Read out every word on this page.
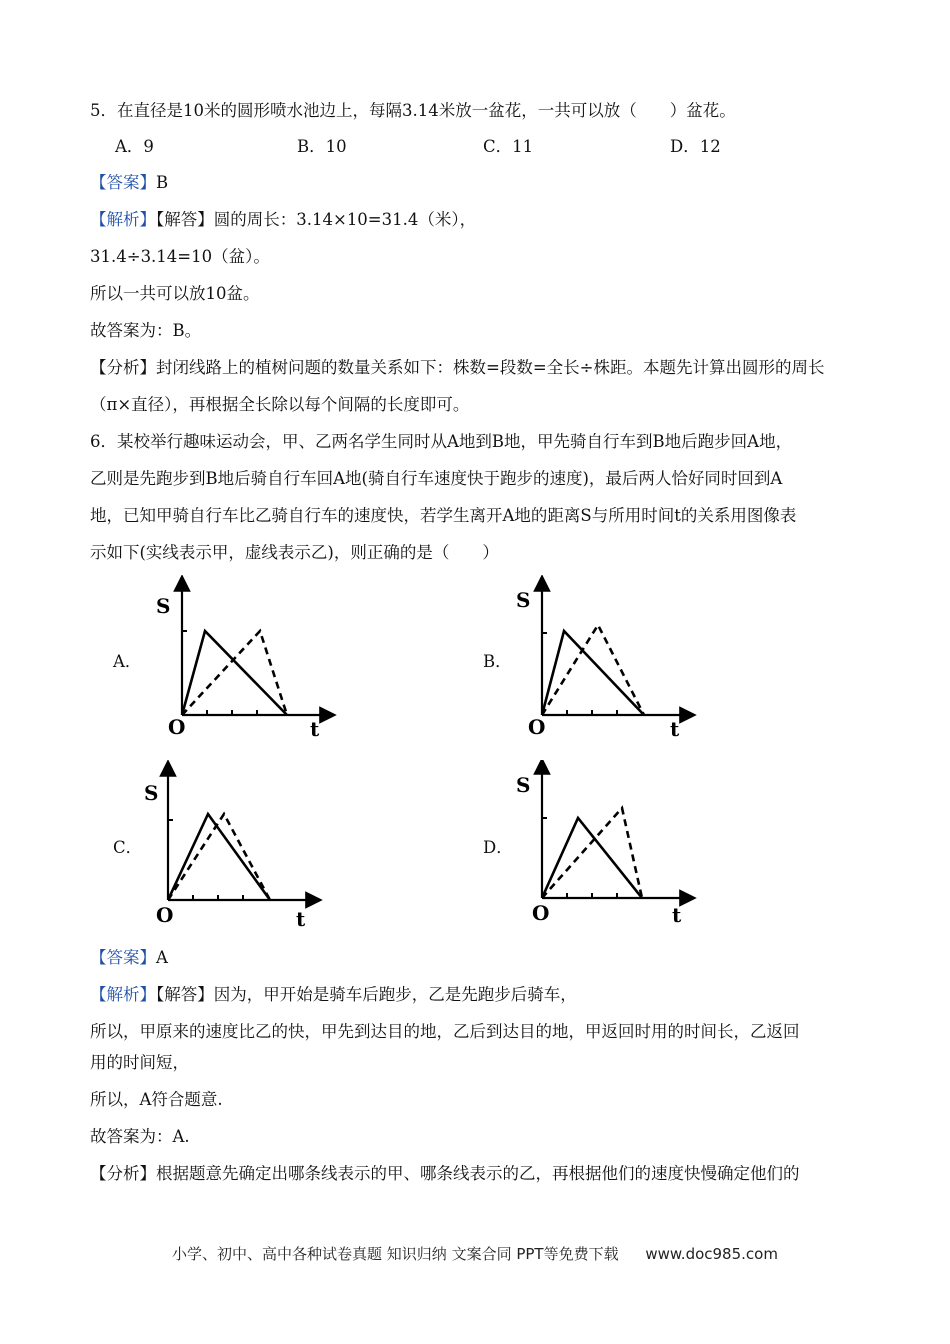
5．在直径是10米的圆形喷水池边上，每隔3.14米放一盆花，一共可以放（　　）盆花。
A．9	B．10	C．11	D．12
【答案】B
【解析】【解答】圆的周长：3.14×10=31.4（米），
31.4÷3.14=10（盆）。
所以一共可以放10盆。
故答案为：B。
【分析】封闭线路上的植树问题的数量关系如下：株数=段数=全长÷株距。本题先计算出圆形的周长
（π×直径），再根据全长除以每个间隔的长度即可。
6．某校举行趣味运动会，甲、乙两名学生同时从A地到B地，甲先骑自行车到B地后跑步回A地，
乙则是先跑步到B地后骑自行车回A地(骑自行车速度快于跑步的速度)，最后两人恰好同时回到A
地，已知甲骑自行车比乙骑自行车的速度快，若学生离开A地的距离S与所用时间t的关系用图像表
示如下(实线表示甲，虚线表示乙)，则正确的是（　　）
A．	B．
C．	D．
S
O	t
S
O	t
S
O	t
S
O	t
【答案】A
【解析】【解答】因为，甲开始是骑车后跑步，乙是先跑步后骑车，
所以，甲原来的速度比乙的快，甲先到达目的地，乙后到达目的地，甲返回时用的时间长，乙返回
用的时间短，
所以，A符合题意.
故答案为：A.
【分析】根据题意先确定出哪条线表示的甲、哪条线表示的乙，再根据他们的速度快慢确定他们的
小学、初中、高中各种试卷真题 知识归纳 文案合同 PPT等免费下载 www.doc985.com
